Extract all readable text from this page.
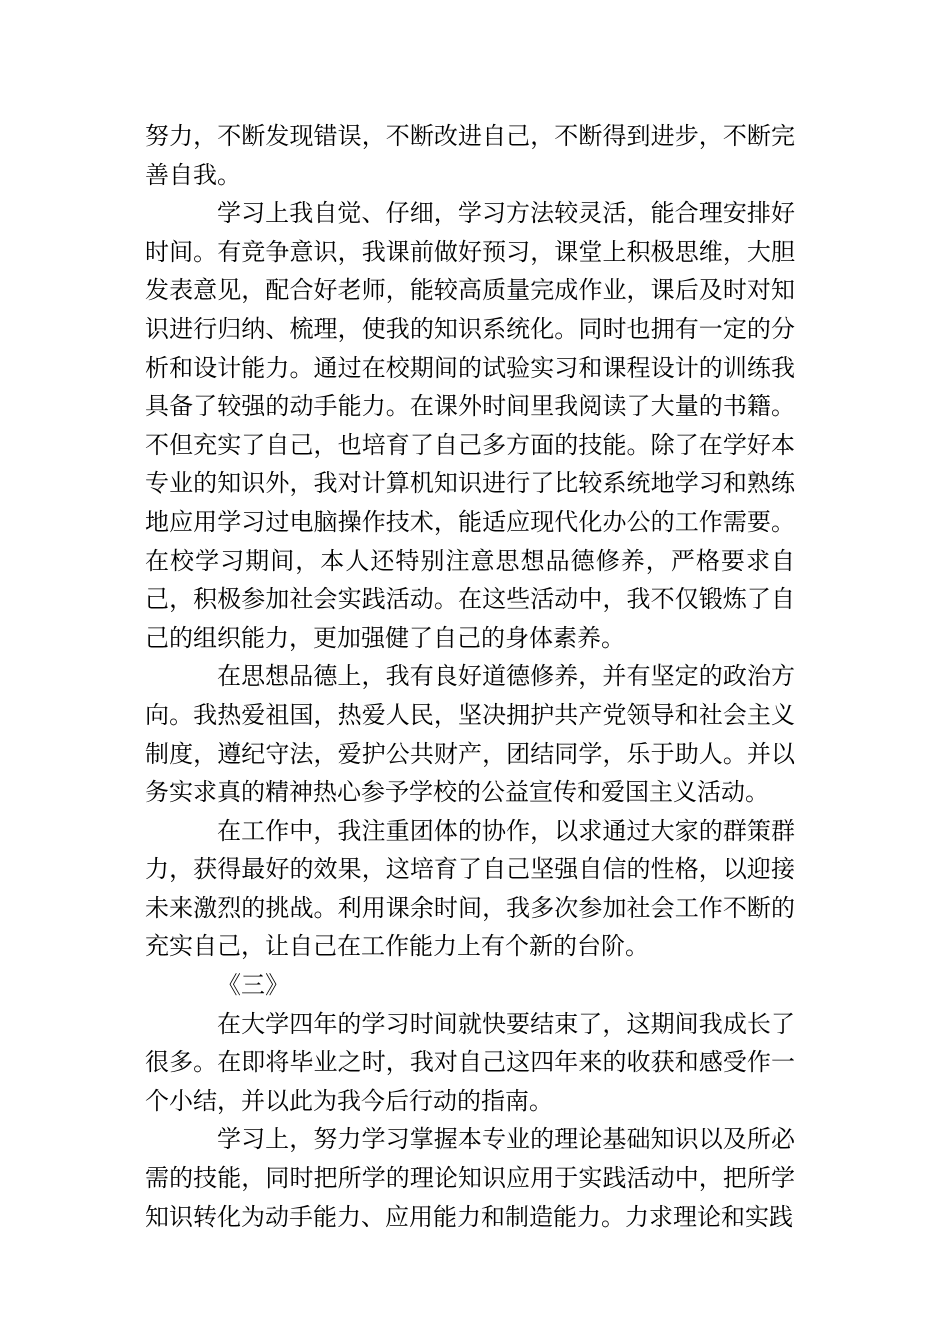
努力，不断发现错误，不断改进自己，不断得到进步，不断完善自我。

学习上我自觉、仔细，学习方法较灵活，能合理安排好时间。有竞争意识，我课前做好预习，课堂上积极思维，大胆发表意见，配合好老师，能较高质量完成作业，课后及时对知识进行归纳、梳理，使我的知识系统化。同时也拥有一定的分析和设计能力。通过在校期间的试验实习和课程设计的训练我具备了较强的动手能力。在课外时间里我阅读了大量的书籍。不但充实了自己，也培育了自己多方面的技能。除了在学好本专业的知识外，我对计算机知识进行了比较系统地学习和熟练地应用学习过电脑操作技术，能适应现代化办公的工作需要。在校学习期间，本人还特别注意思想品德修养，严格要求自己，积极参加社会实践活动。在这些活动中，我不仅锻炼了自己的组织能力，更加强健了自己的身体素养。

在思想品德上，我有良好道德修养，并有坚定的政治方向。我热爱祖国，热爱人民，坚决拥护共产党领导和社会主义制度，遵纪守法，爱护公共财产，团结同学，乐于助人。并以务实求真的精神热心参予学校的公益宣传和爱国主义活动。

在工作中，我注重团体的协作，以求通过大家的群策群力，获得最好的效果，这培育了自己坚强自信的性格，以迎接未来激烈的挑战。利用课余时间，我多次参加社会工作不断的充实自己，让自己在工作能力上有个新的台阶。

《三》

在大学四年的学习时间就快要结束了，这期间我成长了很多。在即将毕业之时，我对自己这四年来的收获和感受作一个小结，并以此为我今后行动的指南。

学习上，努力学习掌握本专业的理论基础知识以及所必需的技能，同时把所学的理论知识应用于实践活动中，把所学知识转化为动手能力、应用能力和制造能力。力求理论和实践
